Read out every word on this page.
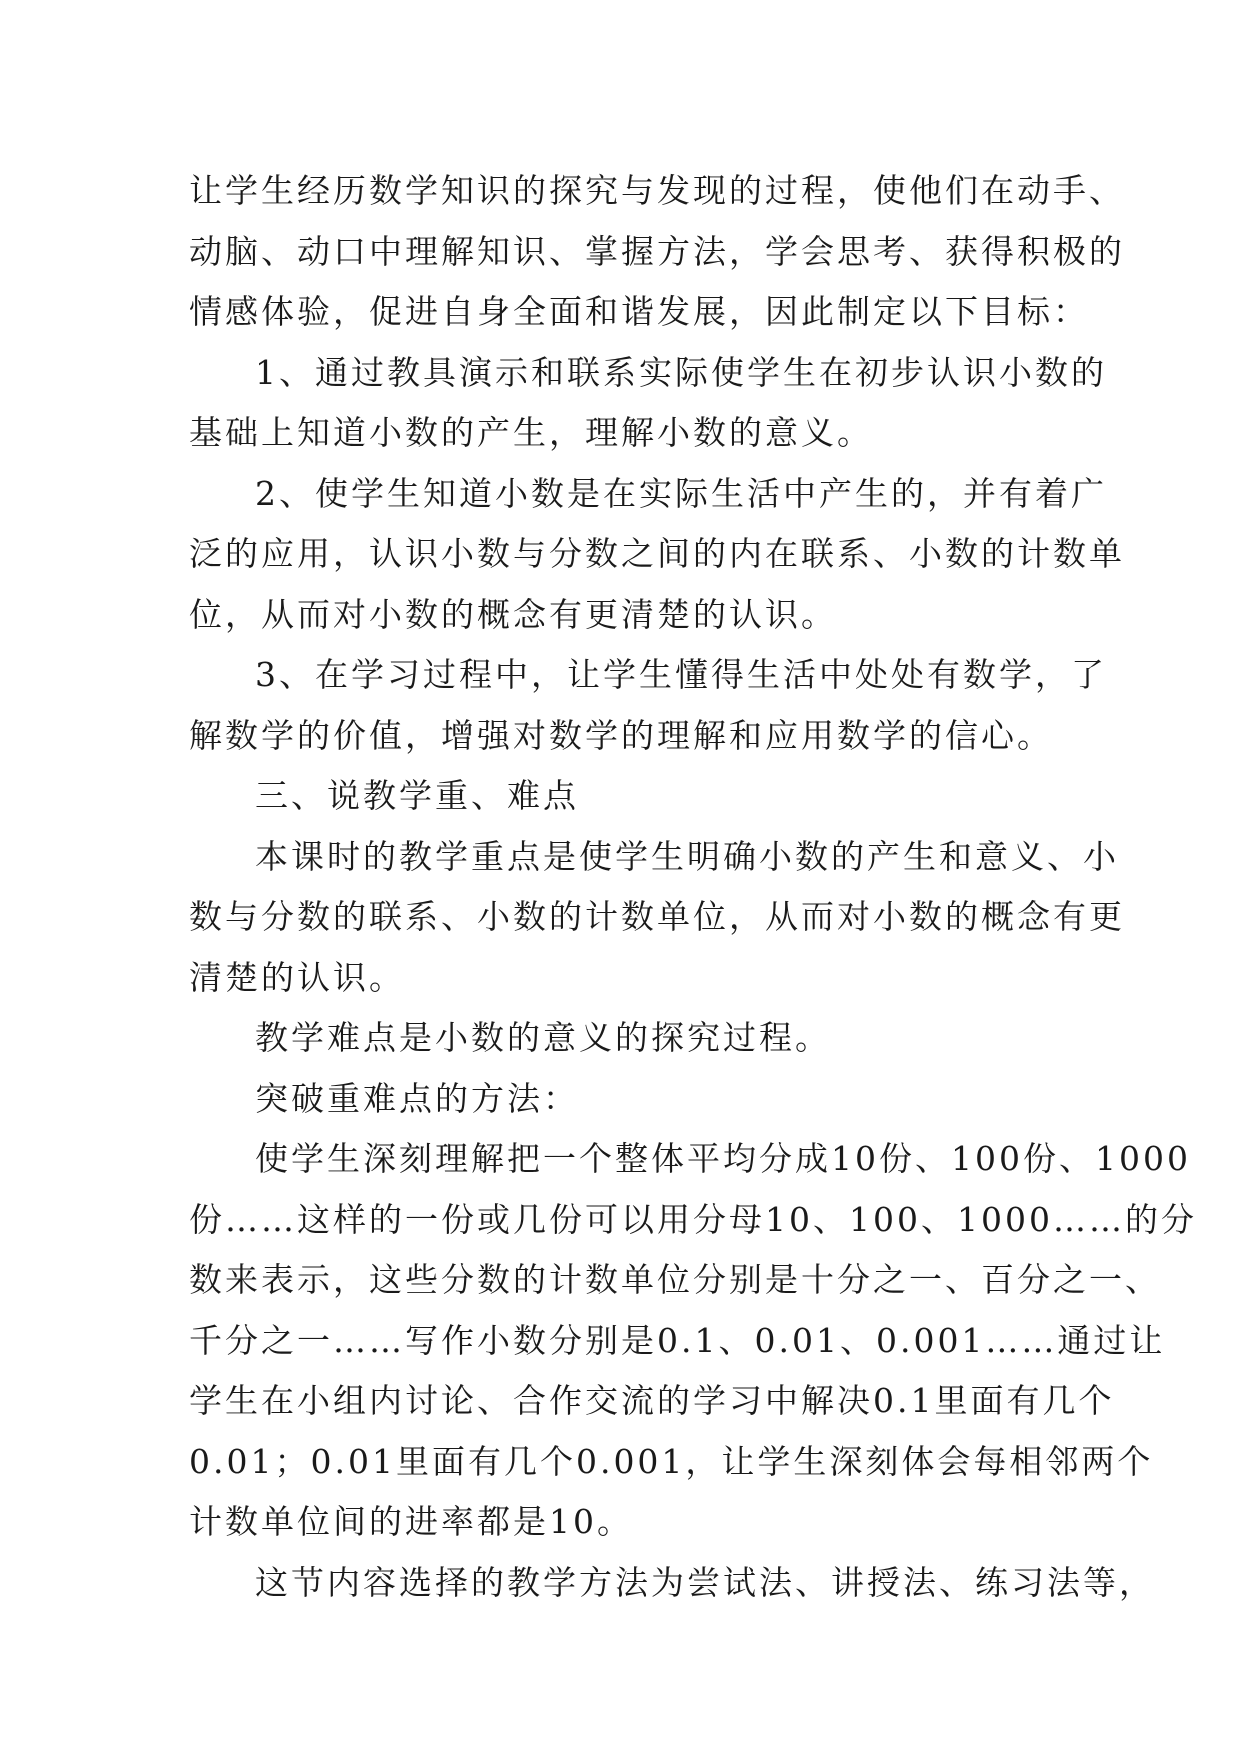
让学生经历数学知识的探究与发现的过程，使他们在动手、
动脑、动口中理解知识、掌握方法，学会思考、获得积极的
情感体验，促进自身全面和谐发展，因此制定以下目标：
1、通过教具演示和联系实际使学生在初步认识小数的
基础上知道小数的产生，理解小数的意义。
2、使学生知道小数是在实际生活中产生的，并有着广
泛的应用，认识小数与分数之间的内在联系、小数的计数单
位，从而对小数的概念有更清楚的认识。
3、在学习过程中，让学生懂得生活中处处有数学，了
解数学的价值，增强对数学的理解和应用数学的信心。
三、说教学重、难点
本课时的教学重点是使学生明确小数的产生和意义、小
数与分数的联系、小数的计数单位，从而对小数的概念有更
清楚的认识。
教学难点是小数的意义的探究过程。
突破重难点的方法：
使学生深刻理解把一个整体平均分成10份、100份、1000
份……这样的一份或几份可以用分母10、100、1000……的分
数来表示，这些分数的计数单位分别是十分之一、百分之一、
千分之一……写作小数分别是0.1、0.01、0.001……通过让
学生在小组内讨论、合作交流的学习中解决0.1里面有几个
0.01；0.01里面有几个0.001，让学生深刻体会每相邻两个
计数单位间的进率都是10。
这节内容选择的教学方法为尝试法、讲授法、练习法等，
